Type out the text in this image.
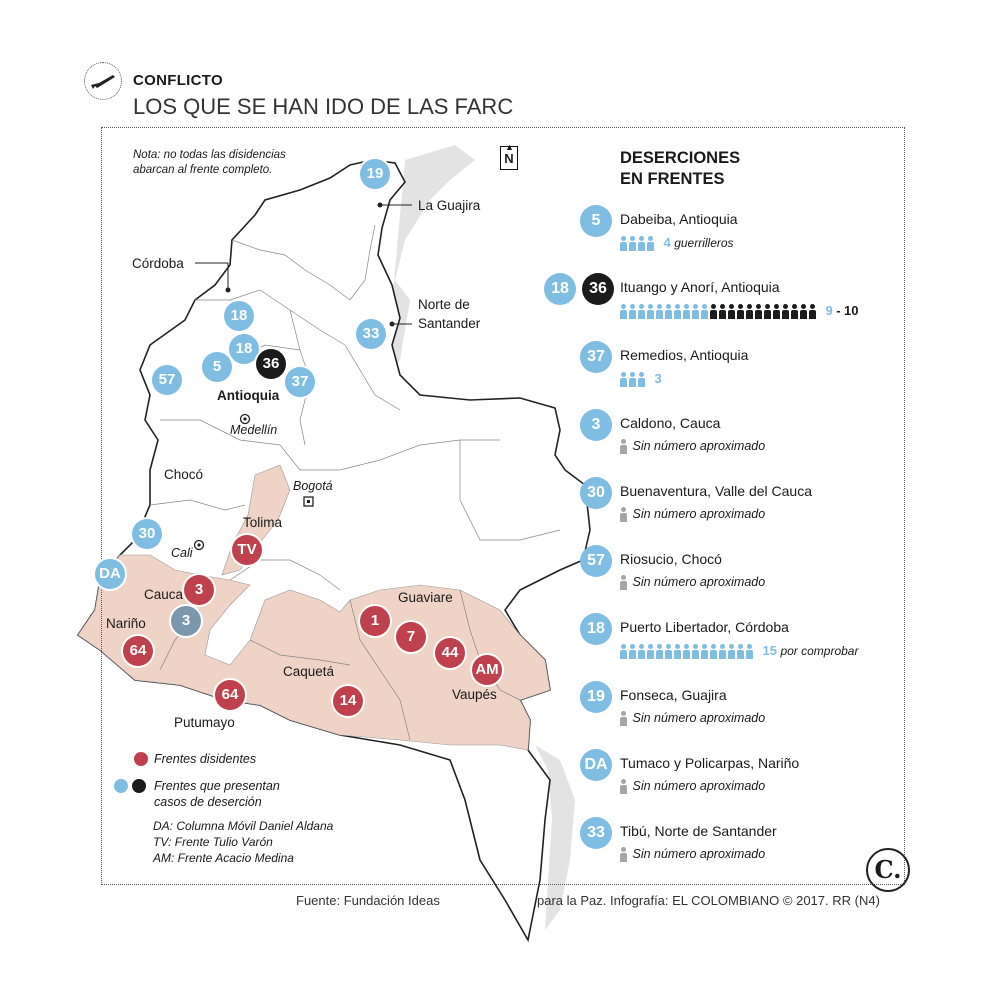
CONFLICTO
LOS QUE SE HAN IDO DE LAS FARC
Nota: no todas las disidencias abarcan al frente completo.
▲
N
La Guajira
Córdoba
Norte de
Santander
Antioquia
Medellín
Chocó
Bogotá
Tolima
Cali
Cauca
Nariño
Guaviare
Caquetá
Vaupés
Putumayo
19
18
18
5	36
37
33
57
30
DA
TV
3
3
64
1
7
44
AM
14
64
DESERCIONES
EN FRENTES
5	Dabeiba, Antioquia
4 guerrilleros
18	36 Ituango y Anorí, Antioquia
9 - 10
37	Remedios, Antioquia
3
3	Caldono, Cauca
Sin número aproximado
30	Buenaventura, Valle del Cauca
Sin número aproximado
57	Riosucio, Chocó
Sin número aproximado
18	Puerto Libertador, Córdoba
15 por comprobar
19	Fonseca, Guajira
Sin número aproximado
DA Tumaco y Policarpas, Nariño
Sin número aproximado
33	Tibú, Norte de Santander
Sin número aproximado
Frentes disidentes
Frentes que presentan
casos de deserción
DA: Columna Móvil Daniel Aldana
TV: Frente Tulio Varón
AM: Frente Acacio Medina	C.
Fuente: Fundación Ideas	para la Paz. Infografía: EL COLOMBIANO © 2017. RR (N4)
